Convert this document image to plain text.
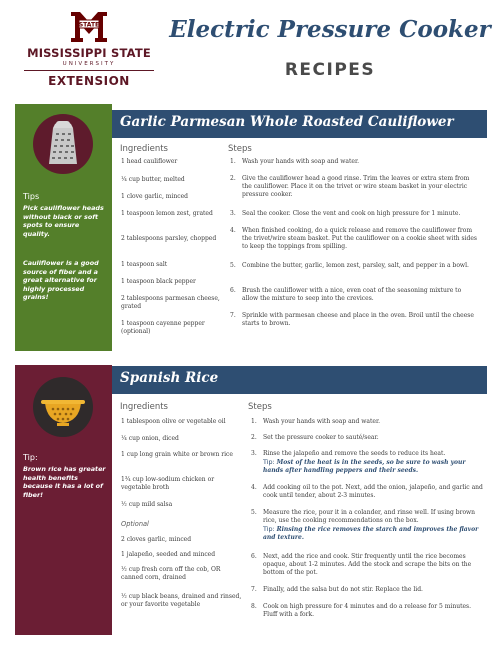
STATE
MISSISSIPPI STATE
UNIVERSITY
EXTENSION
Electric Pressure Cooker
RECIPES
Tips
Pick cauliflower heads without black or soft spots to ensure quality.
Cauliflower is a good source of fiber and a great alternative for highly processed grains!
Garlic Parmesan Whole Roasted Cauliflower
Ingredients	Steps
1 head cauliflower
¼ cup butter, melted
1 clove garlic, minced
1 teaspoon lemon zest, grated
2 tablespoons parsley, chopped
1 teaspoon salt
1 teaspoon black pepper
2 tablespoons parmesan cheese, grated
1 teaspoon cayenne pepper (optional)
1. Wash your hands with soap and water.
2. Give the cauliflower head a good rinse. Trim the leaves or extra stem from the cauliflower. Place it on the trivet or wire steam basket in your electric pressure cooker.
3. Seal the cooker. Close the vent and cook on high pressure for 1 minute.
4. When finished cooking, do a quick release and remove the cauliflower from the trivet/wire steam basket. Put the cauliflower on a cookie sheet with sides to keep the toppings from spilling.
5. Combine the butter, garlic, lemon zest, parsley, salt, and pepper in a bowl.
6. Brush the cauliflower with a nice, even coat of the seasoning mixture to allow the mixture to seep into the crevices.
7. Sprinkle with parmesan cheese and place in the oven. Broil until the cheese starts to brown.
Tip:
Brown rice has greater health benefits because it has a lot of fiber!
Spanish Rice
Ingredients	Steps
1 tablespoon olive or vegetable oil
¼ cup onion, diced
1 cup long grain white or brown rice
1¾ cup low-sodium chicken or vegetable broth
½ cup mild salsa
Optional
2 cloves garlic, minced
1 jalapeño, seeded and minced
½ cup fresh corn off the cob, OR canned corn, drained
½ cup black beans, drained and rinsed, or your favorite vegetable
1. Wash your hands with soap and water.
2. Set the pressure cooker to sauté/sear.
3. Rinse the jalapeño and remove the seeds to reduce its heat.
Tip: Most of the heat is in the seeds, so be sure to wash your hands after handling peppers and their seeds.
4. Add cooking oil to the pot. Next, add the onion, jalapeño, and garlic and cook until tender, about 2-3 minutes.
5. Measure the rice, pour it in a colander, and rinse well. If using brown rice, use the cooking recommendations on the box.
Tip: Rinsing the rice removes the starch and improves the flavor and texture.
6. Next, add the rice and cook. Stir frequently until the rice becomes opaque, about 1-2 minutes. Add the stock and scrape the bits on the bottom of the pot.
7. Finally, add the salsa but do not stir. Replace the lid.
8. Cook on high pressure for 4 minutes and do a release for 5 minutes. Fluff with a fork.
